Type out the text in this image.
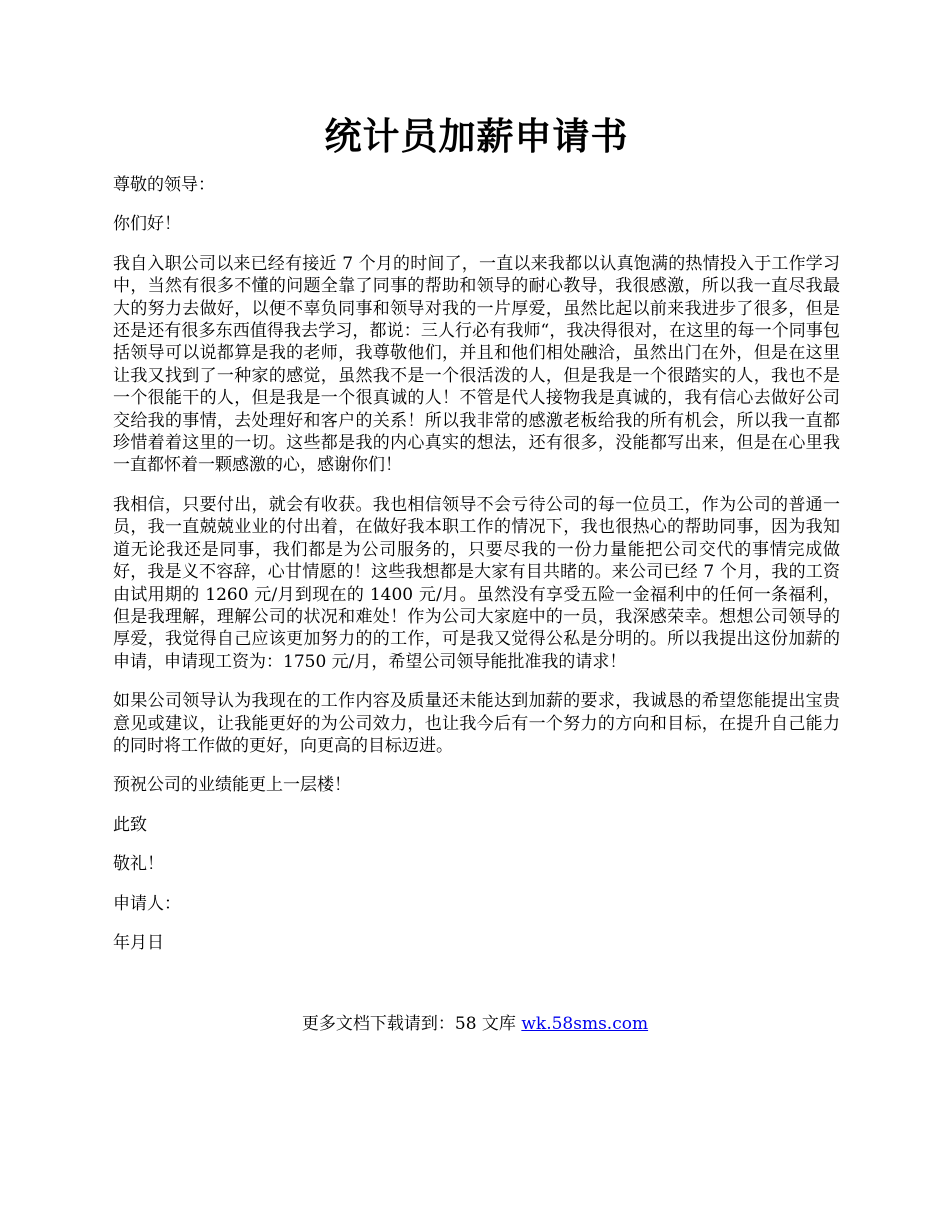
统计员加薪申请书

尊敬的领导：

你们好！

我自入职公司以来已经有接近 7 个月的时间了，一直以来我都以认真饱满的热情投入于工作学习中，当然有很多不懂的问题全靠了同事的帮助和领导的耐心教导，我很感激，所以我一直尽我最大的努力去做好，以便不辜负同事和领导对我的一片厚爱，虽然比起以前来我进步了很多，但是还是还有很多东西值得我去学习，都说：三人行必有我师“，我决得很对，在这里的每一个同事包括领导可以说都算是我的老师，我尊敬他们，并且和他们相处融洽，虽然出门在外，但是在这里让我又找到了一种家的感觉，虽然我不是一个很活泼的人，但是我是一个很踏实的人，我也不是一个很能干的人，但是我是一个很真诚的人！不管是代人接物我是真诚的，我有信心去做好公司交给我的事情，去处理好和客户的关系！所以我非常的感激老板给我的所有机会，所以我一直都珍惜着着这里的一切。这些都是我的内心真实的想法，还有很多，没能都写出来，但是在心里我一直都怀着一颗感激的心，感谢你们！

我相信，只要付出，就会有收获。我也相信领导不会亏待公司的每一位员工，作为公司的普通一员，我一直兢兢业业的付出着，在做好我本职工作的情况下，我也很热心的帮助同事，因为我知道无论我还是同事，我们都是为公司服务的，只要尽我的一份力量能把公司交代的事情完成做好，我是义不容辞，心甘情愿的！这些我想都是大家有目共睹的。来公司已经 7 个月，我的工资由试用期的 1260 元/月到现在的 1400 元/月。虽然没有享受五险一金福利中的任何一条福利，但是我理解，理解公司的状况和难处！作为公司大家庭中的一员，我深感荣幸。想想公司领导的厚爱，我觉得自己应该更加努力的的工作，可是我又觉得公私是分明的。所以我提出这份加薪的申请，申请现工资为：1750 元/月，希望公司领导能批准我的请求！

如果公司领导认为我现在的工作内容及质量还未能达到加薪的要求，我诚恳的希望您能提出宝贵意见或建议，让我能更好的为公司效力，也让我今后有一个努力的方向和目标，在提升自己能力的同时将工作做的更好，向更高的目标迈进。

预祝公司的业绩能更上一层楼！

此致

敬礼！

申请人：

年月日

更多文档下载请到：58 文库 wk.58sms.com
